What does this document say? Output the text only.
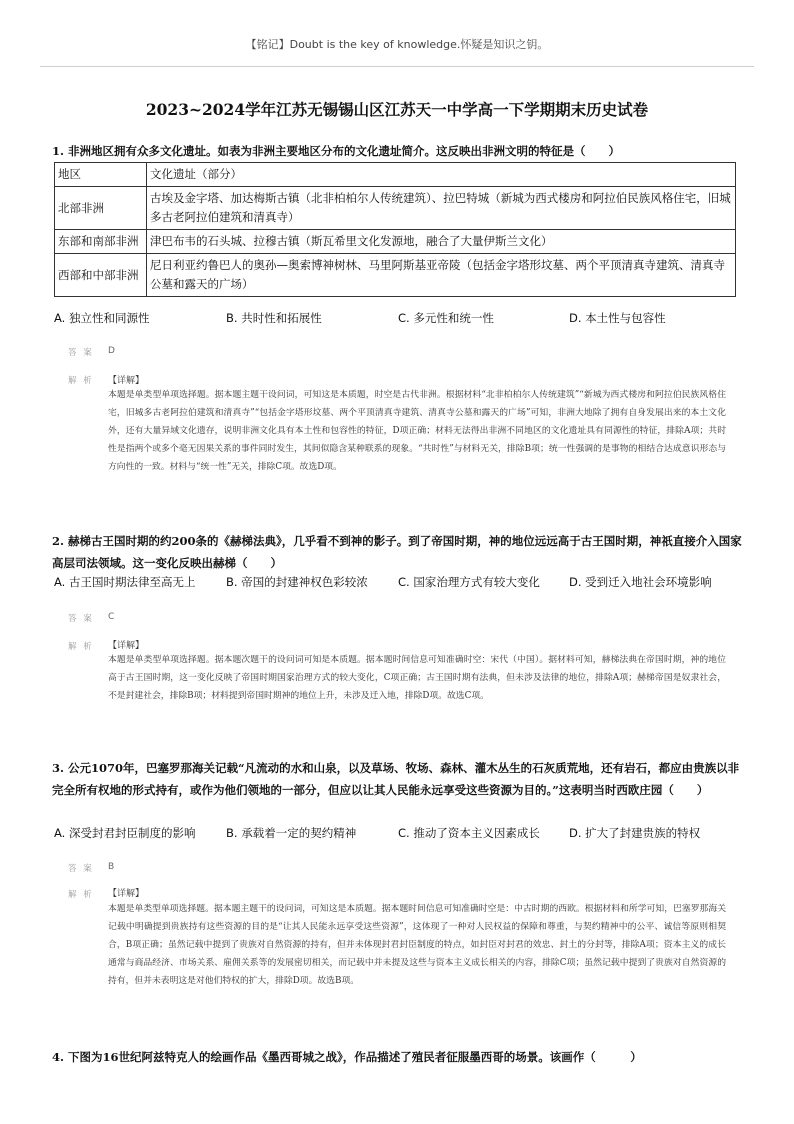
【铭记】Doubt is the key of knowledge.怀疑是知识之钥。
2023~2024学年江苏无锡锡山区江苏天一中学高一下学期期末历史试卷
1. 非洲地区拥有众多文化遗址。如表为非洲主要地区分布的文化遗址简介。这反映出非洲文明的特征是（　　）
地区	文化遗址（部分）
北部非洲	古埃及金字塔、加达梅斯古镇（北非柏柏尔人传统建筑）、拉巴特城（新城为西式楼房和阿拉伯民族风格住宅，旧城多古老阿拉伯建筑和清真寺）
东部和南部非洲	津巴布韦的石头城、拉穆古镇（斯瓦希里文化发源地，融合了大量伊斯兰文化）
西部和中部非洲	尼日利亚约鲁巴人的奥孙—奥索博神树林、马里阿斯基亚帝陵（包括金字塔形坟墓、两个平顶清真寺建筑、清真寺公墓和露天的广场）
A. 独立性和同源性	B. 共时性和拓展性	C. 多元性和统一性	D. 本土性与包容性
答 案 D
解 析 【详解】
本题是单类型单项选择题。据本题主题干设问词，可知这是本质题，时空是古代非洲。根据材料“北非柏柏尔人传统建筑”“新城为西式楼房和阿拉伯民族风格住宅，旧城多古老阿拉伯建筑和清真寺”“包括金字塔形坟墓、两个平顶清真寺建筑、清真寺公墓和露天的广场”可知，非洲大地除了拥有自身发展出来的本土文化外，还有大量异域文化遗存，说明非洲文化具有本土性和包容性的特征，D项正确；材料无法得出非洲不同地区的文化遗址具有同源性的特征，排除A项；共时性是指两个或多个毫无因果关系的事件同时发生，其间似隐含某种联系的现象。“共时性”与材料无关，排除B项；统一性强调的是事物的相结合达成意识形态与方向性的一致。材料与“统一性”无关，排除C项。故选D项。
2. 赫梯古王国时期的约200条的《赫梯法典》，几乎看不到神的影子。到了帝国时期，神的地位远远高于古王国时期，神祇直接介入国家高层司法领域。这一变化反映出赫梯（　　）
A. 古王国时期法律至高无上	B. 帝国的封建神权色彩较浓	C. 国家治理方式有较大变化	D. 受到迁入地社会环境影响
答 案 C
解 析 【详解】
本题是单类型单项选择题。据本题次题干的设问词可知是本质题。据本题时间信息可知准确时空：宋代（中国）。据材料可知，赫梯法典在帝国时期，神的地位高于古王国时期，这一变化反映了帝国时期国家治理方式的较大变化，C项正确；古王国时期有法典，但未涉及法律的地位，排除A项；赫梯帝国是奴隶社会，不是封建社会，排除B项；材料提到帝国时期神的地位上升，未涉及迁入地，排除D项。故选C项。
3. 公元1070年，巴塞罗那海关记载“凡流动的水和山泉，以及草场、牧场、森林、灌木丛生的石灰质荒地，还有岩石，都应由贵族以非完全所有权地的形式持有，或作为他们领地的一部分，但应以让其人民能永远享受这些资源为目的。”这表明当时西欧庄园（　　）
A. 深受封君封臣制度的影响	B. 承载着一定的契约精神	C. 推动了资本主义因素成长	D. 扩大了封建贵族的特权
答 案 B
解 析 【详解】
本题是单类型单项选择题。据本题主题干的设问词，可知这是本质题。据本题时间信息可知准确时空是：中古时期的西欧。根据材料和所学可知，巴塞罗那海关记载中明确提到贵族持有这些资源的目的是“让其人民能永远享受这些资源”，这体现了一种对人民权益的保障和尊重，与契约精神中的公平、诚信等原则相契合，B项正确；虽然记载中提到了贵族对自然资源的持有，但并未体现封君封臣制度的特点，如封臣对封君的效忠、封土的分封等，排除A项；资本主义的成长通常与商品经济、市场关系、雇佣关系等的发展密切相关，而记载中并未提及这些与资本主义成长相关的内容，排除C项；虽然记载中提到了贵族对自然资源的持有，但并未表明这是对他们特权的扩大，排除D项。故选B项。
4. 下图为16世纪阿兹特克人的绘画作品《墨西哥城之战》，作品描述了殖民者征服墨西哥的场景。该画作（　　　）
